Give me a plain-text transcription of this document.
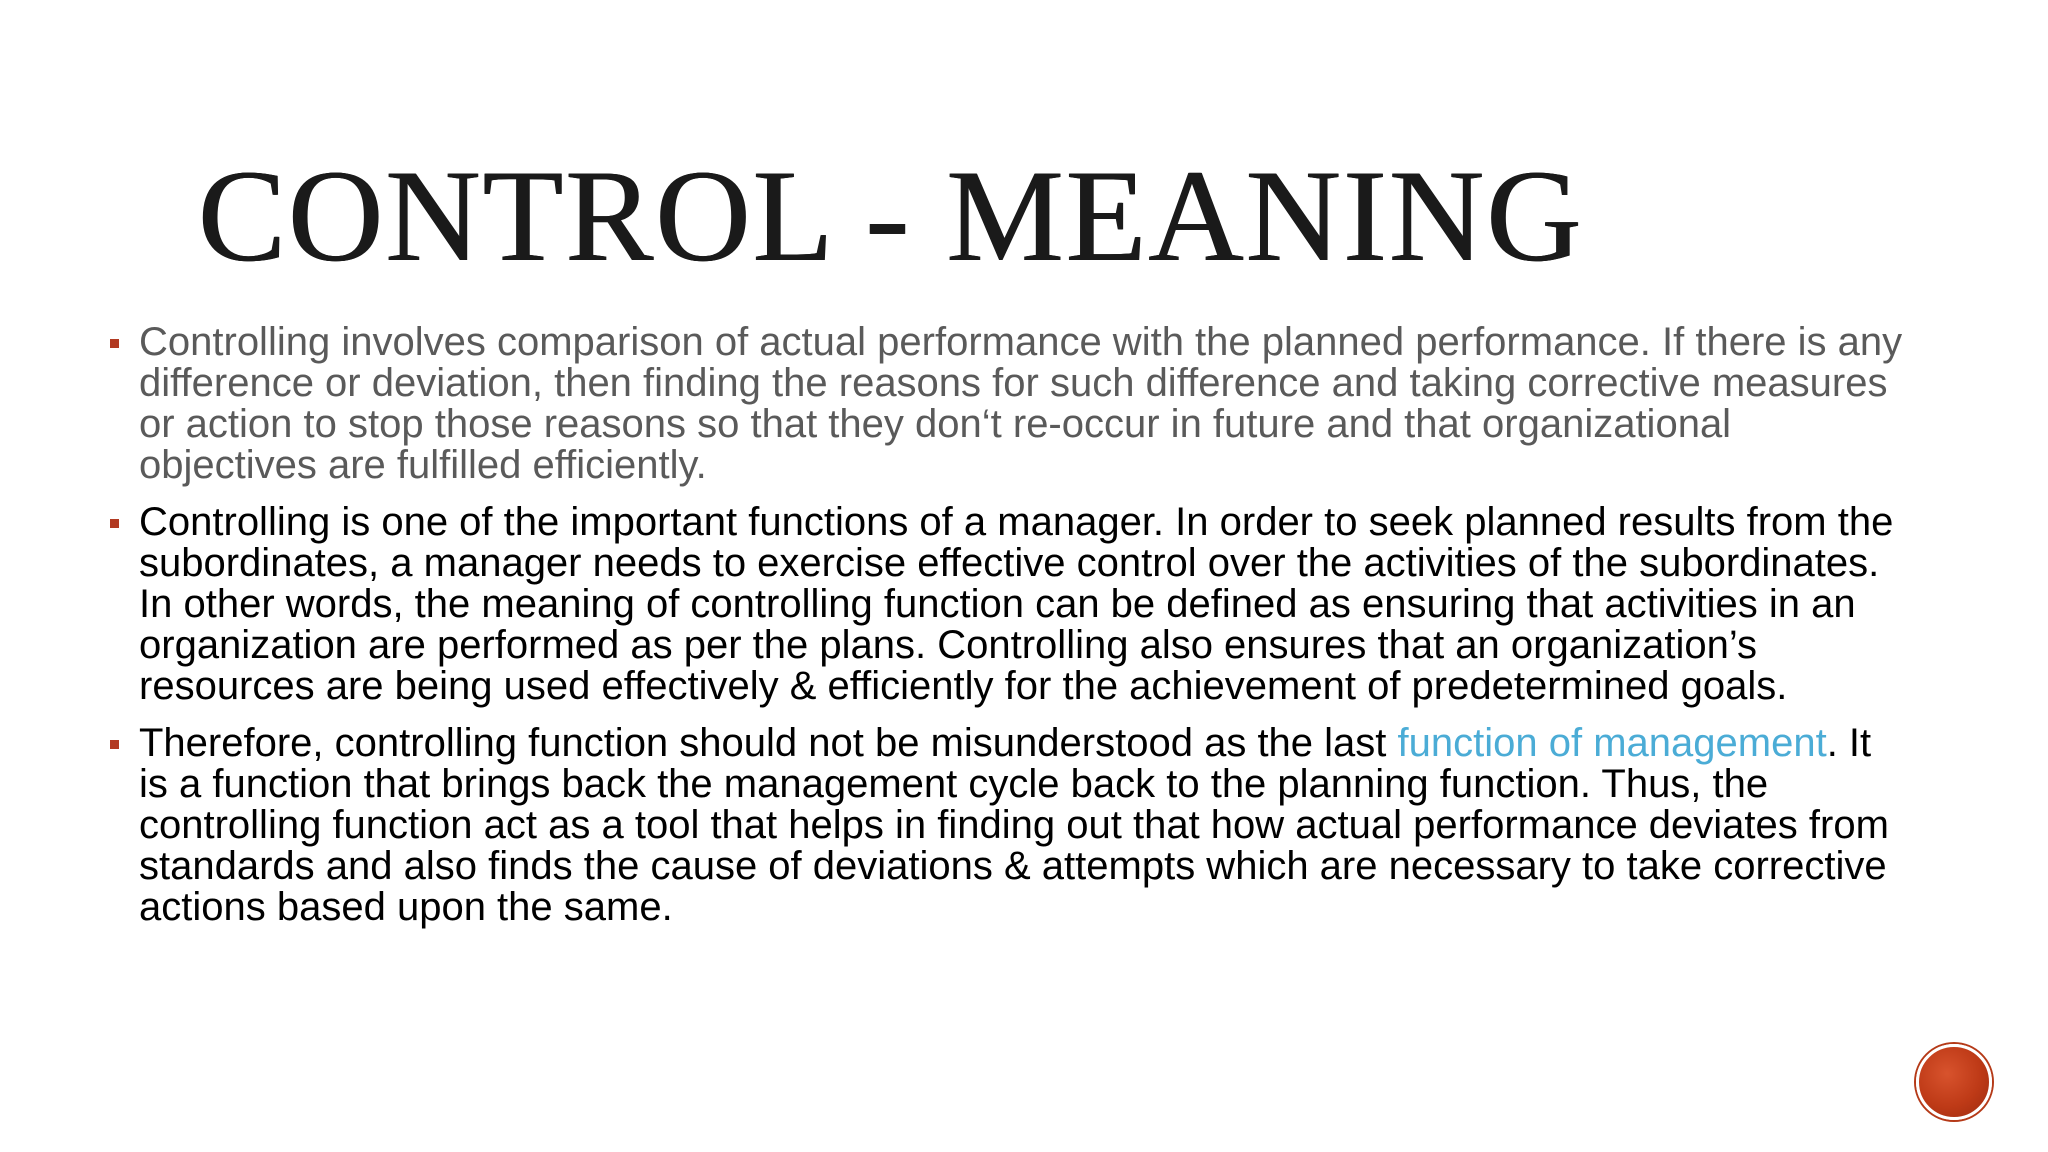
CONTROL - MEANING
Controlling involves comparison of actual performance with the planned performance. If there is any difference or deviation, then finding the reasons for such difference and taking corrective measures or action to stop those reasons so that they don‘t re-occur in future and that organizational objectives are fulfilled efficiently.
Controlling is one of the important functions of a manager. In order to seek planned results from the subordinates, a manager needs to exercise effective control over the activities of the subordinates. In other words, the meaning of controlling function can be defined as ensuring that activities in an organization are performed as per the plans. Controlling also ensures that an organization’s resources are being used effectively & efficiently for the achievement of predetermined goals.
Therefore, controlling function should not be misunderstood as the last function of management. It is a function that brings back the management cycle back to the planning function. Thus, the controlling function act as a tool that helps in finding out that how actual performance deviates from standards and also finds the cause of deviations & attempts which are necessary to take corrective actions based upon the same.
